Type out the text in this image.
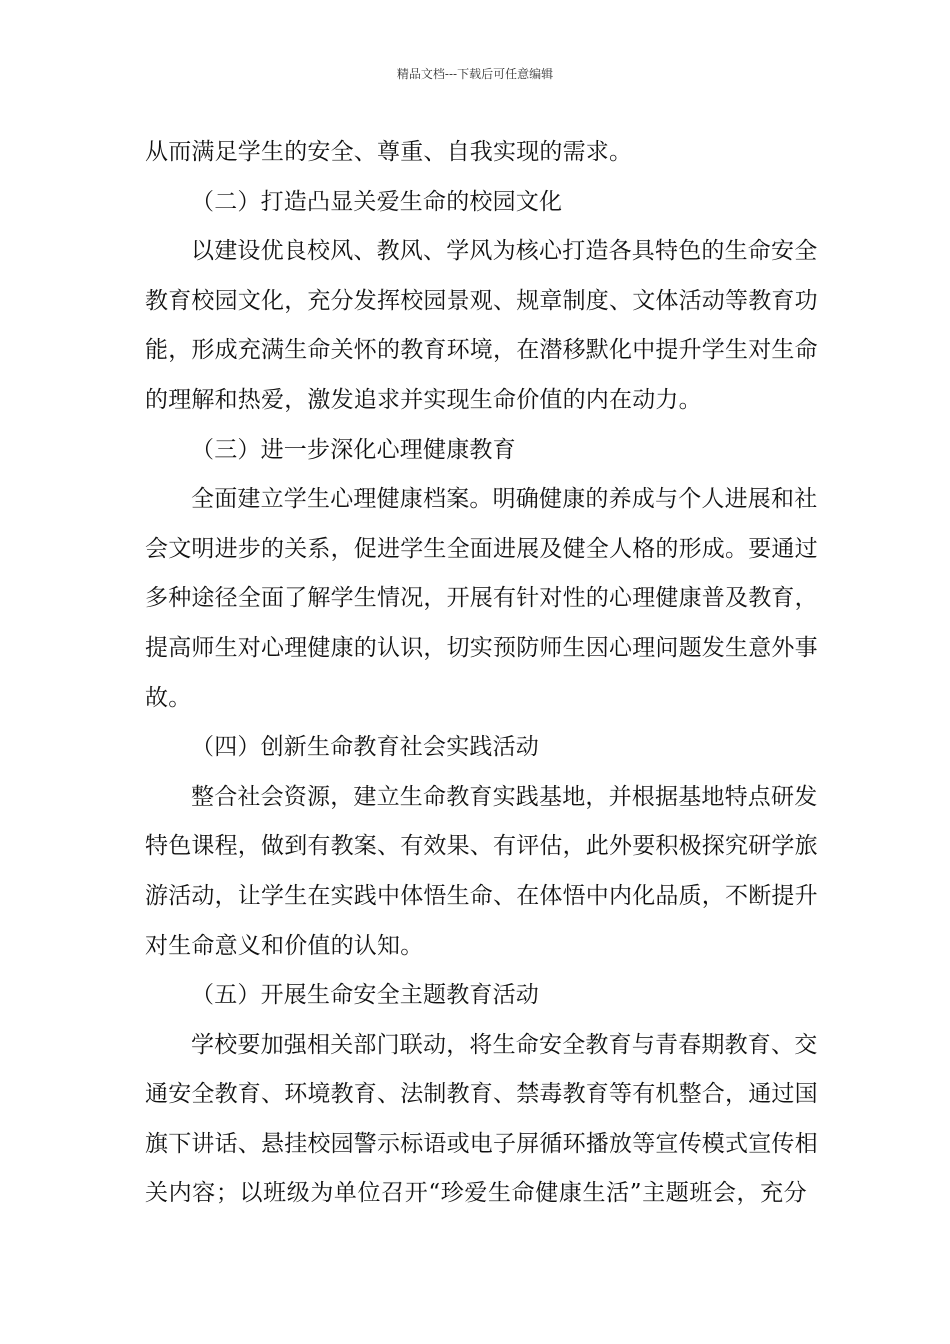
精品文档---下载后可任意编辑
从而满足学生的安全、尊重、自我实现的需求。
（二）打造凸显关爱生命的校园文化
以建设优良校风、教风、学风为核心打造各具特色的生命安全
教育校园文化，充分发挥校园景观、规章制度、文体活动等教育功
能，形成充满生命关怀的教育环境，在潜移默化中提升学生对生命
的理解和热爱，激发追求并实现生命价值的内在动力。
（三）进一步深化心理健康教育
全面建立学生心理健康档案。明确健康的养成与个人进展和社
会文明进步的关系，促进学生全面进展及健全人格的形成。要通过
多种途径全面了解学生情况，开展有针对性的心理健康普及教育，
提高师生对心理健康的认识，切实预防师生因心理问题发生意外事
故。
（四）创新生命教育社会实践活动
整合社会资源，建立生命教育实践基地，并根据基地特点研发
特色课程，做到有教案、有效果、有评估，此外要积极探究研学旅
游活动，让学生在实践中体悟生命、在体悟中内化品质，不断提升
对生命意义和价值的认知。
（五）开展生命安全主题教育活动
学校要加强相关部门联动，将生命安全教育与青春期教育、交
通安全教育、环境教育、法制教育、禁毒教育等有机整合，通过国
旗下讲话、悬挂校园警示标语或电子屏循环播放等宣传模式宣传相
关内容；以班级为单位召开“珍爱生命健康生活”主题班会，充分
